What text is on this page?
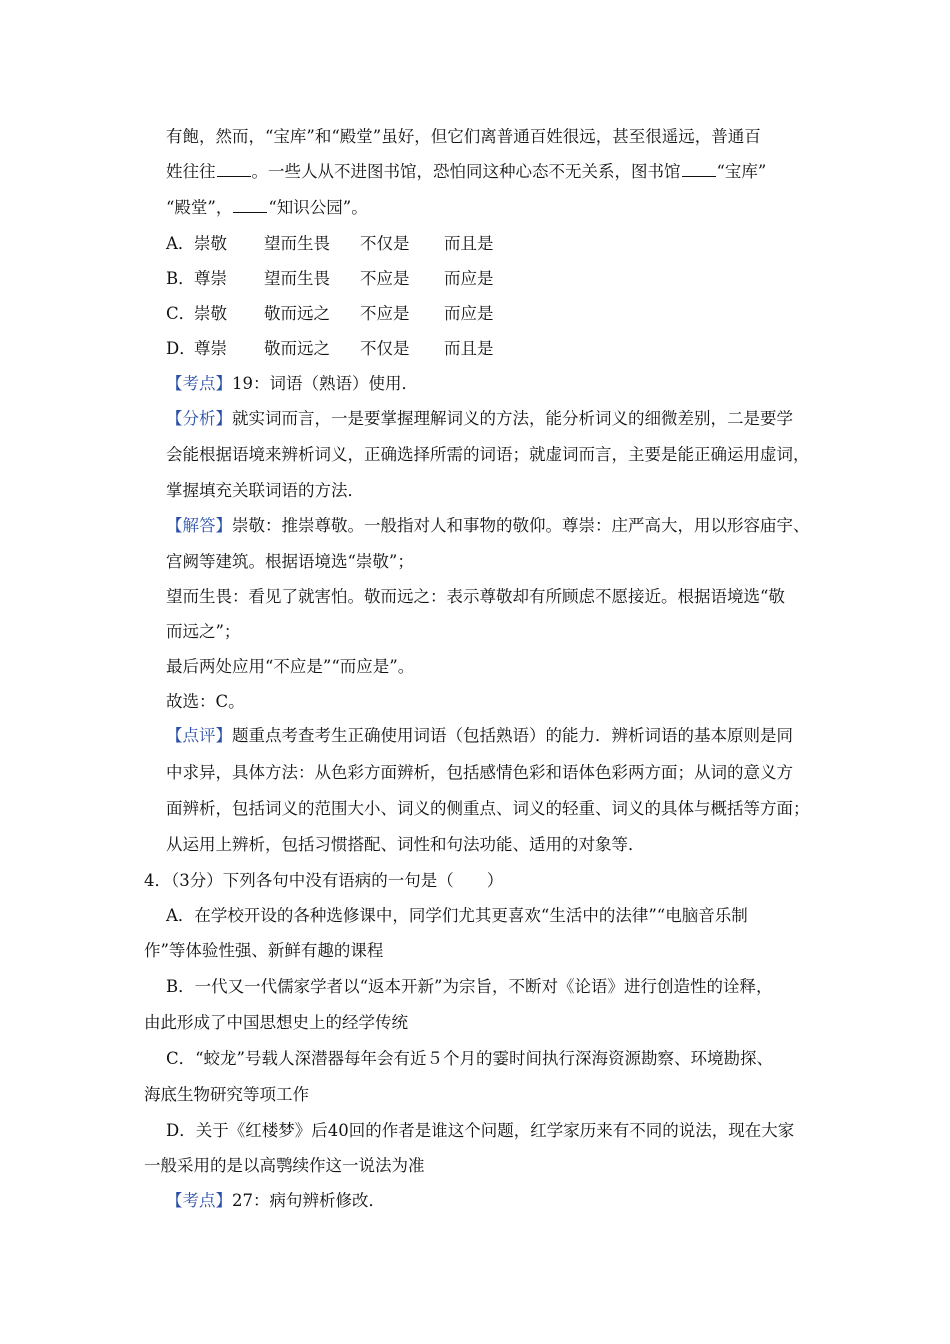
有飽，然而，“宝库”和“殿堂”虽好，但它们离普通百姓很远，甚至很遥远，普通百
姓往往 。一些人从不进图书馆，恐怕同这种心态不无关系，图书馆 “宝库”
“殿堂”， “知识公园”。
A．崇敬 望而生畏 不仅是 而且是
B．尊崇 望而生畏 不应是 而应是
C．崇敬 敬而远之 不应是 而应是
D．尊崇 敬而远之 不仅是 而且是
【考点】19：词语（熟语）使用．
【分析】就实词而言，一是要掌握理解词义的方法，能分析词义的细微差别，二是要学
会能根据语境来辨析词义，正确选择所需的词语；就虚词而言，主要是能正确运用虚词，
掌握填充关联词语的方法．
【解答】崇敬：推崇尊敬。一般指对人和事物的敬仰。尊崇：庄严高大，用以形容庙宇、
宫阙等建筑。根据语境选“崇敬”；
望而生畏：看见了就害怕。敬而远之：表示尊敬却有所顾虑不愿接近。根据语境选“敬
而远之”；
最后两处应用“不应是”“而应是”。
故选：C。
【点评】题重点考查考生正确使用词语（包括熟语）的能力．辨析词语的基本原则是同
中求异，具体方法：从色彩方面辨析，包括感情色彩和语体色彩两方面；从词的意义方
面辨析，包括词义的范围大小、词义的侧重点、词义的轻重、词义的具体与概括等方面；
从运用上辨析，包括习惯搭配、词性和句法功能、适用的对象等．
4．（3分）下列各句中没有语病的一句是（　　）
A．在学校开设的各种选修课中，同学们尤其更喜欢“生活中的法律”“电脑音乐制
作”等体验性强、新鲜有趣的课程
B．一代又一代儒家学者以“返本开新”为宗旨，不断对《论语》进行创造性的诠释，
由此形成了中国思想史上的经学传统
C．“蛟龙”号载人深潜器每年会有近５个月的霎时间执行深海资源勘察、环境勘探、
海底生物研究等项工作
D．关于《红楼梦》后40回的作者是谁这个问题，红学家历来有不同的说法，现在大家
一般采用的是以高鹗续作这一说法为准
【考点】27：病句辨析修改．
